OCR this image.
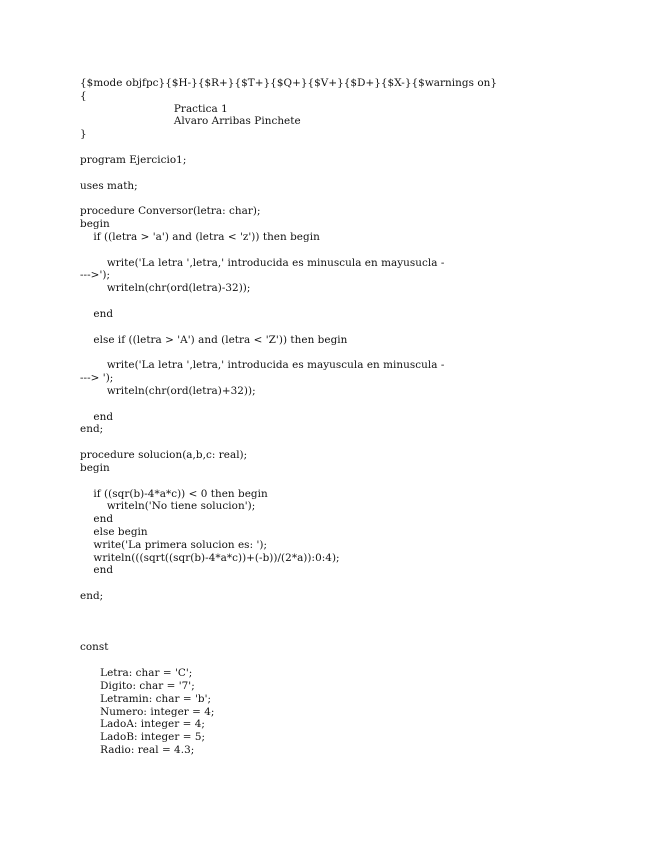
{$mode objfpc}{$H-}{$R+}{$T+}{$Q+}{$V+}{$D+}{$X-}{$warnings on}
{
Practica 1
Alvaro Arribas Pinchete
}
program Ejercicio1;
uses math;
procedure Conversor(letra: char);
begin
if ((letra > 'a') and (letra < 'z')) then begin
write('La letra ',letra,' introducida es minuscula en mayusucla -
--->');
writeln(chr(ord(letra)-32));
end
else if ((letra > 'A') and (letra < 'Z')) then begin
write('La letra ',letra,' introducida es mayuscula en minuscula -
---> ');
writeln(chr(ord(letra)+32));
end
end;
procedure solucion(a,b,c: real);
begin
if ((sqr(b)-4*a*c)) < 0 then begin
writeln('No tiene solucion');
end
else begin
write('La primera solucion es: ');
writeln(((sqrt((sqr(b)-4*a*c))+(-b))/(2*a)):0:4);
end
end;
const
Letra: char = 'C';
Digito: char = '7';
Letramin: char = 'b';
Numero: integer = 4;
LadoA: integer = 4;
LadoB: integer = 5;
Radio: real = 4.3;
